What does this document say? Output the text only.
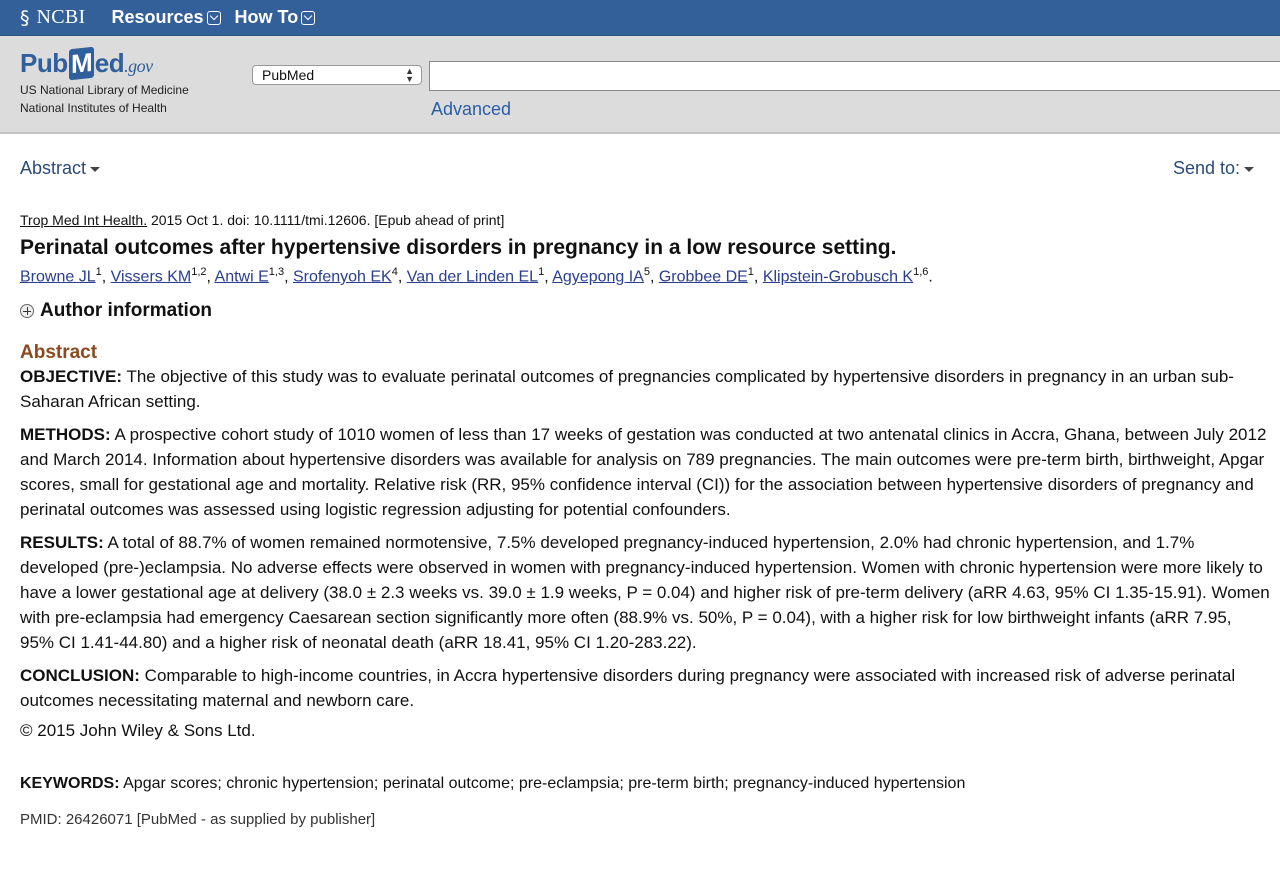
§ NCBI Resources How To
Pub M ed.gov
US National Library of Medicine
National Institutes of Health
PubMed	▲
▼
Advanced
Abstract	Send to:
Trop Med Int Health. 2015 Oct 1. doi: 10.1111/tmi.12606. [Epub ahead of print]
Perinatal outcomes after hypertensive disorders in pregnancy in a low resource setting.
Browne $JL^1$, Vissers KM$^{1,2}$, Antwi E$^{1,3}$, Srofenyoh $EK^4$, Van der Linden $EL^1$, Agyepong $IA^5$, Grobbee $DE^1$, Klipstein-Grobusch K$^{1,6}$.
Author information
Abstract

OBJECTIVE: The objective of this study was to evaluate perinatal outcomes of pregnancies complicated by hypertensive disorders in pregnancy in an urban sub-Saharan African setting.

METHODS: A prospective cohort study of 1010 women of less than 17 weeks of gestation was conducted at two antenatal clinics in Accra, Ghana, between July 2012 and March 2014. Information about hypertensive disorders was available for analysis on 789 pregnancies. The main outcomes were pre-term birth, birthweight, Apgar scores, small for gestational age and mortality. Relative risk (RR, 95% confidence interval (CI)) for the association between hypertensive disorders of pregnancy and perinatal outcomes was assessed using logistic regression adjusting for potential confounders.

RESULTS: A total of 88.7% of women remained normotensive, 7.5% developed pregnancy-induced hypertension, 2.0% had chronic hypertension, and 1.7% developed (pre-)eclampsia. No adverse effects were observed in women with pregnancy-induced hypertension. Women with chronic hypertension were more likely to have a lower gestational age at delivery (38.0 ± 2.3 weeks vs. 39.0 ± 1.9 weeks, P = 0.04) and higher risk of pre-term delivery (aRR 4.63, 95% CI 1.35-15.91). Women with pre-eclampsia had emergency Caesarean section significantly more often (88.9% vs. 50%, P = 0.04), with a higher risk for low birthweight infants (aRR 7.95, 95% CI 1.41-44.80) and a higher risk of neonatal death (aRR 18.41, 95% CI 1.20-283.22).

CONCLUSION: Comparable to high-income countries, in Accra hypertensive disorders during pregnancy were associated with increased risk of adverse perinatal outcomes necessitating maternal and newborn care.

© 2015 John Wiley & Sons Ltd.
KEYWORDS: Apgar scores; chronic hypertension; perinatal outcome; pre-eclampsia; pre-term birth; pregnancy-induced hypertension
PMID: 26426071 [PubMed - as supplied by publisher]
